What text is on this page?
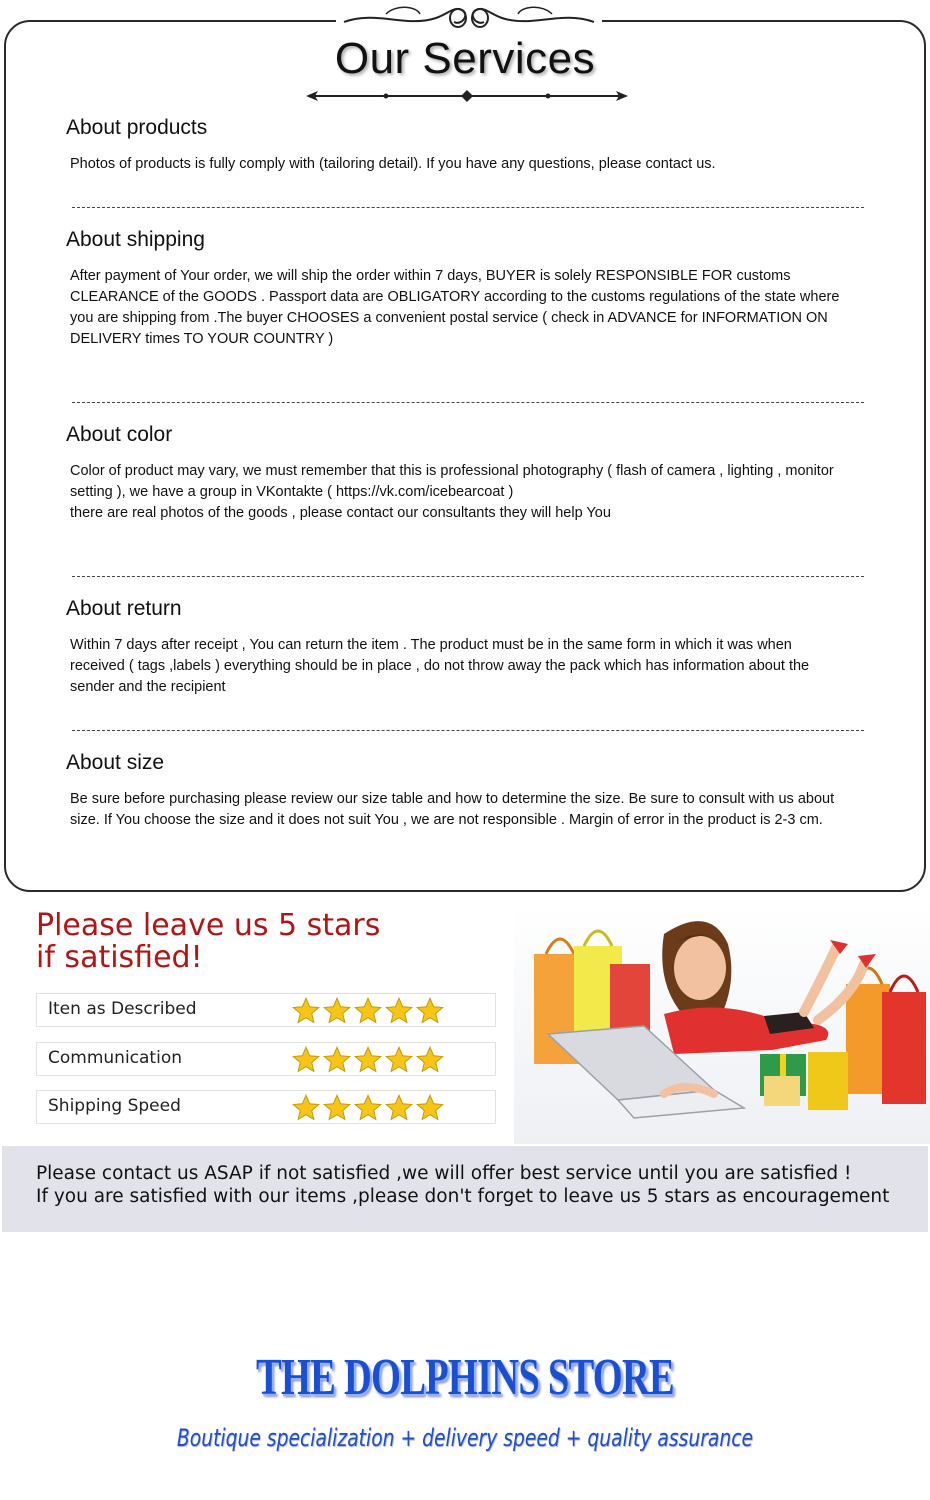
Our Services
About products

Photos of products is fully comply with (tailoring detail). If you have any questions, please contact us.

About shipping

After payment of Your order, we will ship the order within 7 days, BUYER is solely RESPONSIBLE FOR customs
CLEARANCE of the GOODS . Passport data are OBLIGATORY according to the customs regulations of the state where
you are shipping from .The buyer CHOOSES a convenient postal service ( check in ADVANCE for INFORMATION ON
DELIVERY times TO YOUR COUNTRY )

About color

Color of product may vary, we must remember that this is professional photography ( flash of camera , lighting , monitor
setting ), we have a group in VKontakte ( https://vk.com/icebearcoat )
there are real photos of the goods , please contact our consultants they will help You

About return

Within 7 days after receipt , You can return the item . The product must be in the same form in which it was when
received ( tags ,labels ) everything should be in place , do not throw away the pack which has information about the
sender and the recipient

About size

Be sure before purchasing please review our size table and how to determine the size. Be sure to consult with us about
size. If You choose the size and it does not suit You , we are not responsible . Margin of error in the product is 2-3 cm.

Please leave us 5 stars
if satisfied!
Iten as Described
Communication
Shipping Speed
Please contact us ASAP if not satisfied ,we will offer best service until you are satisfied !
If you are satisfied with our items ,please don't forget to leave us 5 stars as encouragement
THE DOLPHINS STORE
Boutique specialization + delivery speed + quality assurance
